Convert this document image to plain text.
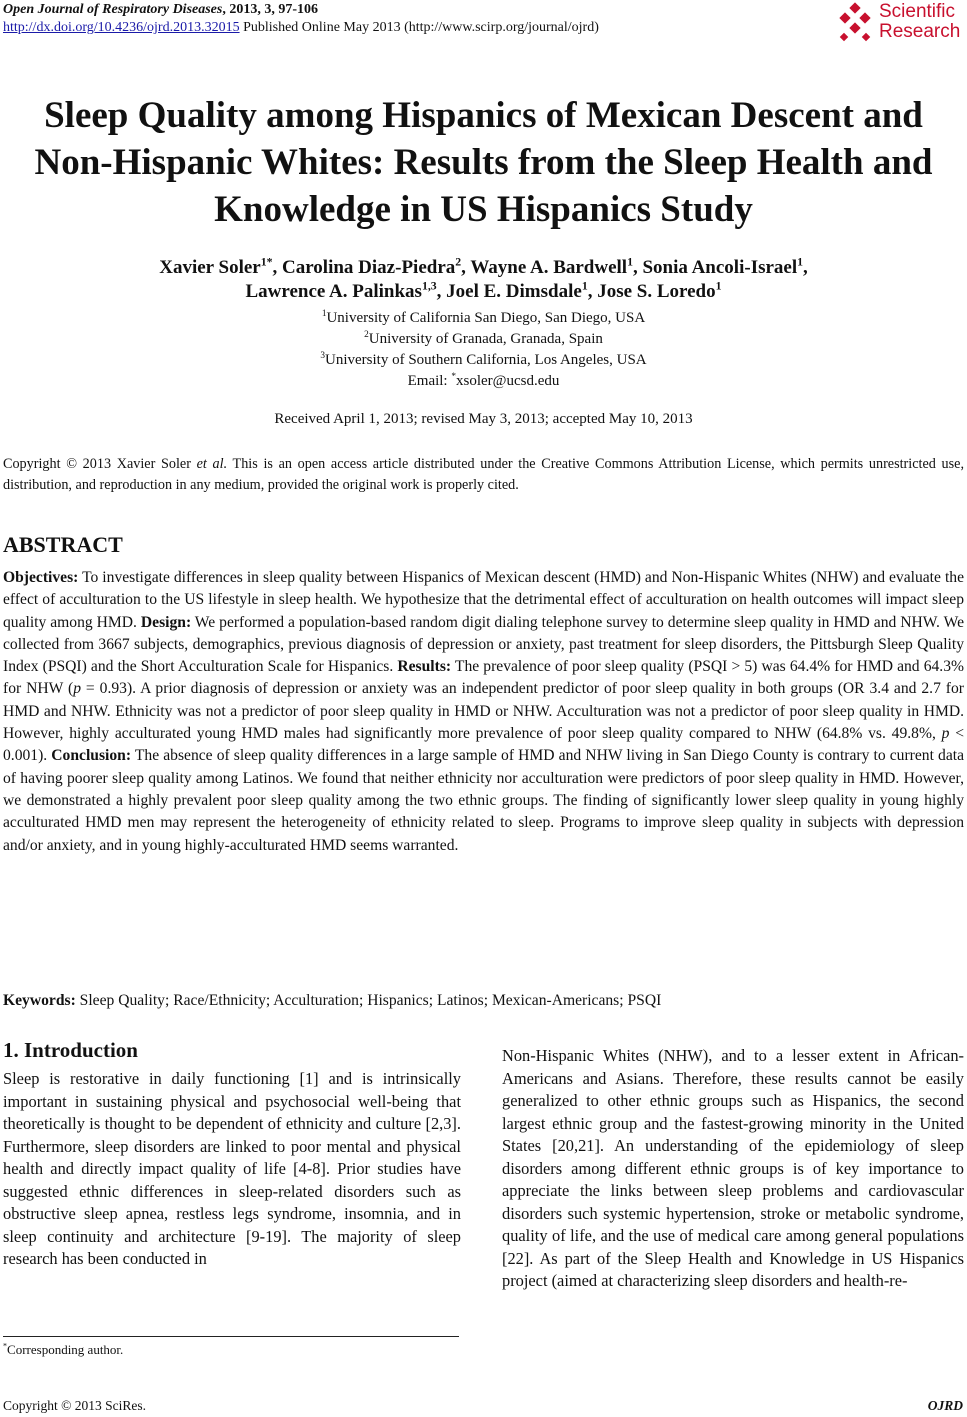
Open Journal of Respiratory Diseases, 2013, 3, 97-106
http://dx.doi.org/10.4236/ojrd.2013.32015 Published Online May 2013 (http://www.scirp.org/journal/ojrd)
Scientific
Research
Sleep Quality among Hispanics of Mexican Descent and
Non-Hispanic Whites: Results from the Sleep Health and
Knowledge in US Hispanics Study
Xavier Soler$^{1*}$, Carolina Diaz-Piedra$^2$, Wayne A. Bardwell$^1$, Sonia Ancoli-Israel$^1$,
Lawrence A. Palinkas$^{1,3}$, Joel E. Dimsdale$^1$, Jose S. Loredo$^1$
$^1$University of California San Diego, San Diego, USA
$^2$University of Granada, Granada, Spain
$^3$University of Southern California, Los Angeles, USA
Email: *xsoler@ucsd.edu
Received April 1, 2013; revised May 3, 2013; accepted May 10, 2013
Copyright © 2013 Xavier Soler et al. This is an open access article distributed under the Creative Commons Attribution License, which permits unrestricted use, distribution, and reproduction in any medium, provided the original work is properly cited.
ABSTRACT
Objectives: To investigate differences in sleep quality between Hispanics of Mexican descent (HMD) and Non-Hispanic Whites (NHW) and evaluate the effect of acculturation to the US lifestyle in sleep health. We hypothesize that the detrimental effect of acculturation on health outcomes will impact sleep quality among HMD. Design: We performed a population-based random digit dialing telephone survey to determine sleep quality in HMD and NHW. We collected from 3667 subjects, demographics, previous diagnosis of depression or anxiety, past treatment for sleep disorders, the Pittsburgh Sleep Quality Index (PSQI) and the Short Acculturation Scale for Hispanics. Results: The prevalence of poor sleep quality (PSQI > 5) was 64.4% for HMD and 64.3% for NHW (p = 0.93). A prior diagnosis of depression or anxiety was an independent predictor of poor sleep quality in both groups (OR 3.4 and 2.7 for HMD and NHW. Ethnicity was not a predictor of poor sleep quality in HMD or NHW. Acculturation was not a predictor of poor sleep quality in HMD. However, highly acculturated young HMD males had significantly more prevalence of poor sleep quality compared to NHW (64.8% vs. 49.8%, p < 0.001). Conclusion: The absence of sleep quality differences in a large sample of HMD and NHW living in San Diego County is contrary to current data of having poorer sleep quality among Latinos. We found that neither ethnicity nor acculturation were predictors of poor sleep quality in HMD. However, we demonstrated a highly prevalent poor sleep quality among the two ethnic groups. The finding of significantly lower sleep quality in young highly acculturated HMD men may represent the heterogeneity of ethnicity related to sleep. Programs to improve sleep quality in subjects with depression and/or anxiety, and in young highly-acculturated HMD seems warranted.
Keywords: Sleep Quality; Race/Ethnicity; Acculturation; Hispanics; Latinos; Mexican-Americans; PSQI
1. Introduction
Sleep is restorative in daily functioning [1] and is intrinsically important in sustaining physical and psychosocial well-being that theoretically is thought to be dependent of ethnicity and culture [2,3]. Furthermore, sleep disorders are linked to poor mental and physical health and directly impact quality of life [4-8]. Prior studies have suggested ethnic differences in sleep-related disorders such as obstructive sleep apnea, restless legs syndrome, insomnia, and in sleep continuity and architecture [9-19]. The majority of sleep research has been conducted in
Non-Hispanic Whites (NHW), and to a lesser extent in African-Americans and Asians. Therefore, these results cannot be easily generalized to other ethnic groups such as Hispanics, the second largest ethnic group and the fastest-growing minority in the United States [20,21]. An understanding of the epidemiology of sleep disorders among different ethnic groups is of key importance to appreciate the links between sleep problems and cardiovascular disorders such systemic hypertension, stroke or metabolic syndrome, quality of life, and the use of medical care among general populations [22]. As part of the Sleep Health and Knowledge in US Hispanics project (aimed at characterizing sleep disorders and health-re-
*Corresponding author.
Copyright © 2013 SciRes.	OJRD
